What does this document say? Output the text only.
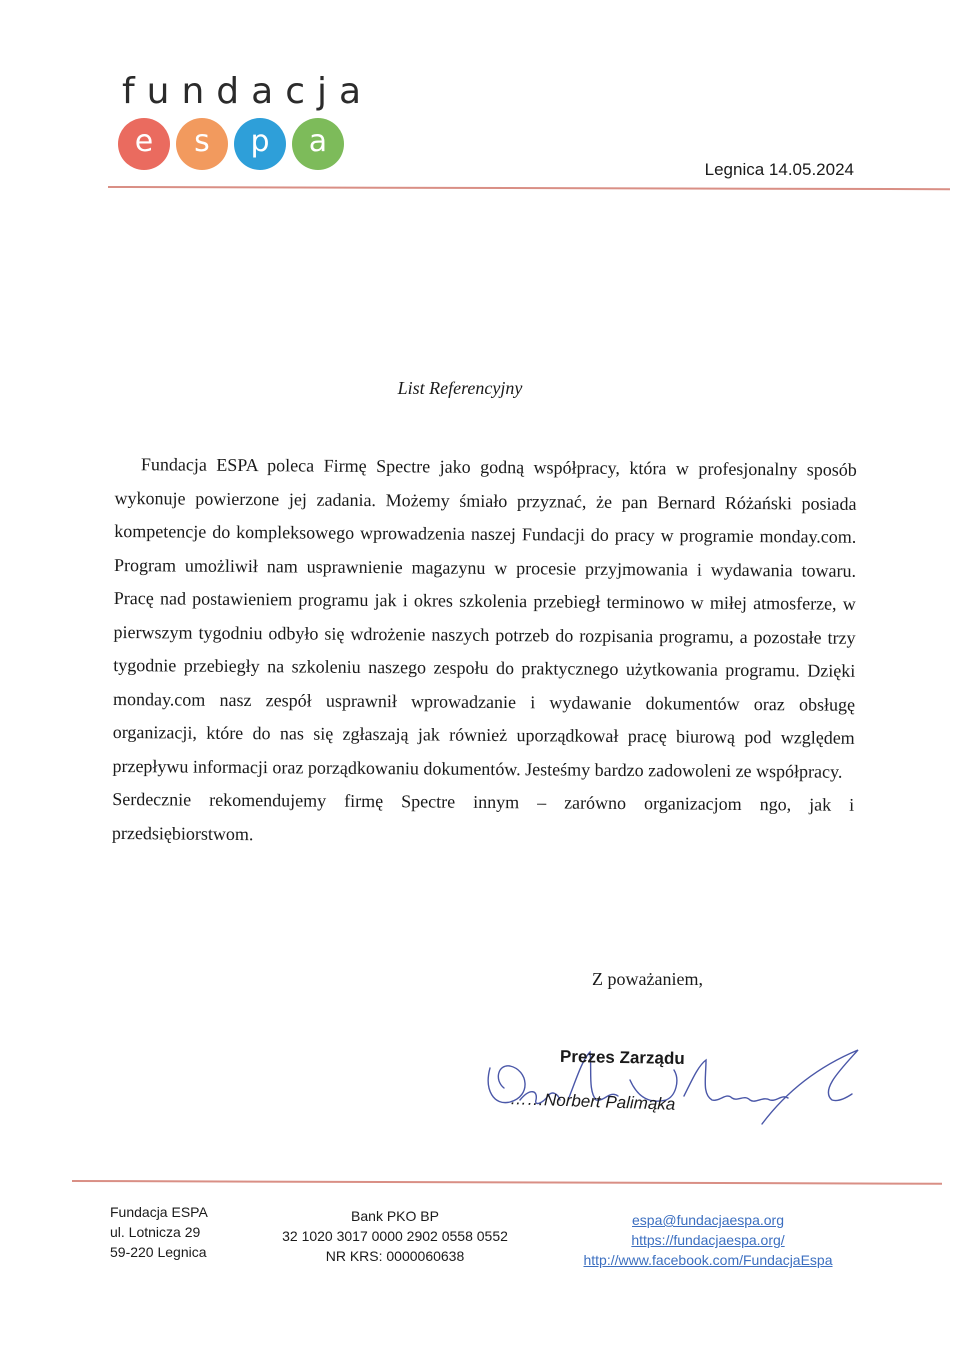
fundacja
e s p a
Legnica 14.05.2024
List Referencyjny

Fundacja ESPA poleca Firmę Spectre jako godną współpracy, która w profesjonalny sposób wykonuje powierzone jej zadania. Możemy śmiało przyznać, że pan Bernard Różański posiada kompetencje do kompleksowego wprowadzenia naszej Fundacji do pracy w programie monday.com. Program umożliwił nam usprawnienie magazynu w procesie przyjmowania i wydawania towaru. Pracę nad postawieniem programu jak i okres szkolenia przebiegł terminowo w miłej atmosferze, w pierwszym tygodniu odbyło się wdrożenie naszych potrzeb do rozpisania programu, a pozostałe trzy tygodnie przebiegły na szkoleniu naszego zespołu do praktycznego użytkowania programu. Dzięki monday.com nasz zespół usprawnił wprowadzanie i wydawanie dokumentów oraz obsługę organizacji, które do nas się zgłaszają jak również uporządkował pracę biurową pod względem przepływu informacji oraz porządkowaniu dokumentów. Jesteśmy bardzo zadowoleni ze współpracy.

Serdecznie rekomendujemy firmę Spectre innym – zarówno organizacjom ngo, jak i przedsiębiorstwom.

Z poważaniem,
Prezes Zarządu
……Norbert Palimąka
Fundacja ESPA
ul. Lotnicza 29
59-220 Legnica
Bank PKO BP
32 1020 3017 0000 2902 0558 0552
NR KRS: 0000060638
espa@fundacjaespa.org
https://fundacjaespa.org/
http://www.facebook.com/FundacjaEspa
